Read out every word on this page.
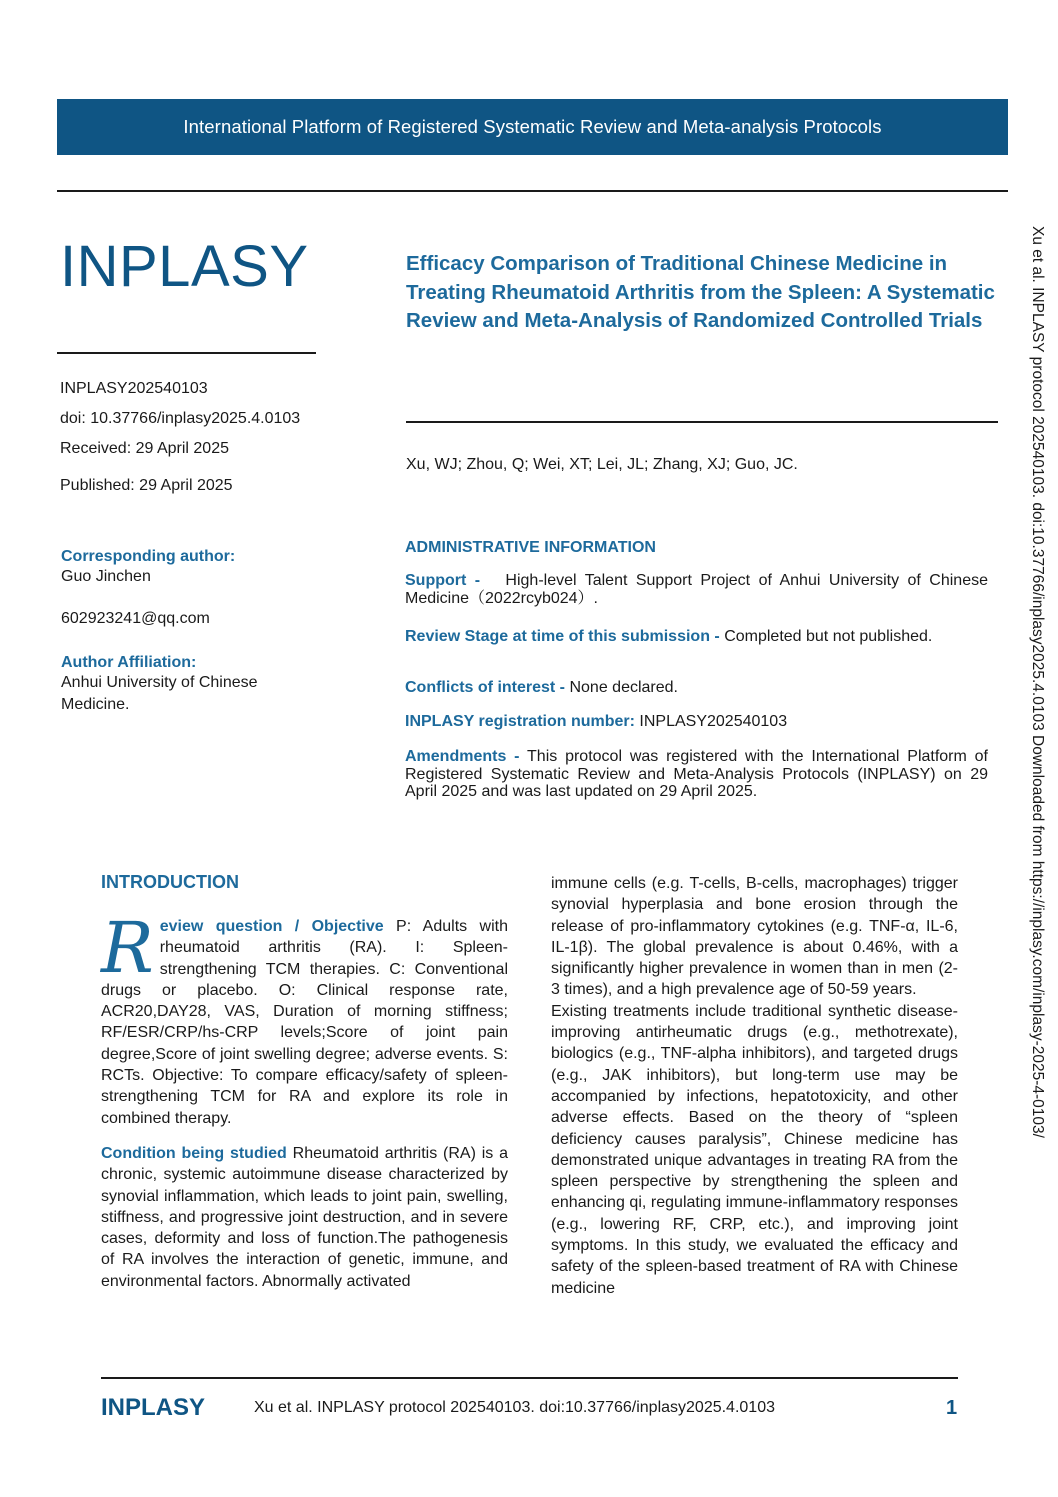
International Platform of Registered Systematic Review and Meta-analysis Protocols
INPLASY	Efficacy Comparison of Traditional Chinese Medicine in Treating Rheumatoid Arthritis from the Spleen: A Systematic Review and Meta-Analysis of Randomized Controlled Trials
INPLASY202540103
doi: 10.37766/inplasy2025.4.0103
Received: 29 April 2025
Published: 29 April 2025
Xu, WJ; Zhou, Q; Wei, XT; Lei, JL; Zhang, XJ; Guo, JC.
Corresponding author:
Guo Jinchen
602923241@qq.com
Author Affiliation:
Anhui University of Chinese Medicine.
ADMINISTRATIVE INFORMATION
Support - High-level Talent Support Project of Anhui University of Chinese Medicine（2022rcyb024）.
Review Stage at time of this submission - Completed but not published.
Conflicts of interest - None declared.
INPLASY registration number: INPLASY202540103
Amendments - This protocol was registered with the International Platform of Registered Systematic Review and Meta-Analysis Protocols (INPLASY) on 29 April 2025 and was last updated on 29 April 2025.	Xu et al. INPLASY protocol 202540103. doi:10.37766/inplasy2025.4.0103 Downloaded from https://inplasy.com/inplasy-2025-4-0103/
INTRODUCTION

Review question / Objective P: Adults with rheumatoid arthritis (RA). I: Spleen-strengthening TCM therapies. C: Conventional drugs or placebo. O: Clinical response rate, ACR20,DAY28, VAS, Duration of morning stiffness; RF/ESR/CRP/hs-CRP levels;Score of joint pain degree,Score of joint swelling degree; adverse events. S: RCTs. Objective: To compare efficacy/safety of spleen-strengthening TCM for RA and explore its role in combined therapy.

Condition being studied Rheumatoid arthritis (RA) is a chronic, systemic autoimmune disease characterized by synovial inflammation, which leads to joint pain, swelling, stiffness, and progressive joint destruction, and in severe cases, deformity and loss of function.The pathogenesis of RA involves the interaction of genetic, immune, and environmental factors. Abnormally activated

immune cells (e.g. T-cells, B-cells, macrophages) trigger synovial hyperplasia and bone erosion through the release of pro-inflammatory cytokines (e.g. TNF-α, IL-6, IL-1β). The global prevalence is about 0.46%, with a significantly higher prevalence in women than in men (2-3 times), and a high prevalence age of 50-59 years.

Existing treatments include traditional synthetic disease-improving antirheumatic drugs (e.g., methotrexate), biologics (e.g., TNF-alpha inhibitors), and targeted drugs (e.g., JAK inhibitors), but long-term use may be accompanied by infections, hepatotoxicity, and other adverse effects. Based on the theory of “spleen deficiency causes paralysis”, Chinese medicine has demonstrated unique advantages in treating RA from the spleen perspective by strengthening the spleen and enhancing qi, regulating immune-inflammatory responses (e.g., lowering RF, CRP, etc.), and improving joint symptoms. In this study, we evaluated the efficacy and safety of the spleen-based treatment of RA with Chinese medicine

INPLASY	Xu et al. INPLASY protocol 202540103. doi:10.37766/inplasy2025.4.0103	1
